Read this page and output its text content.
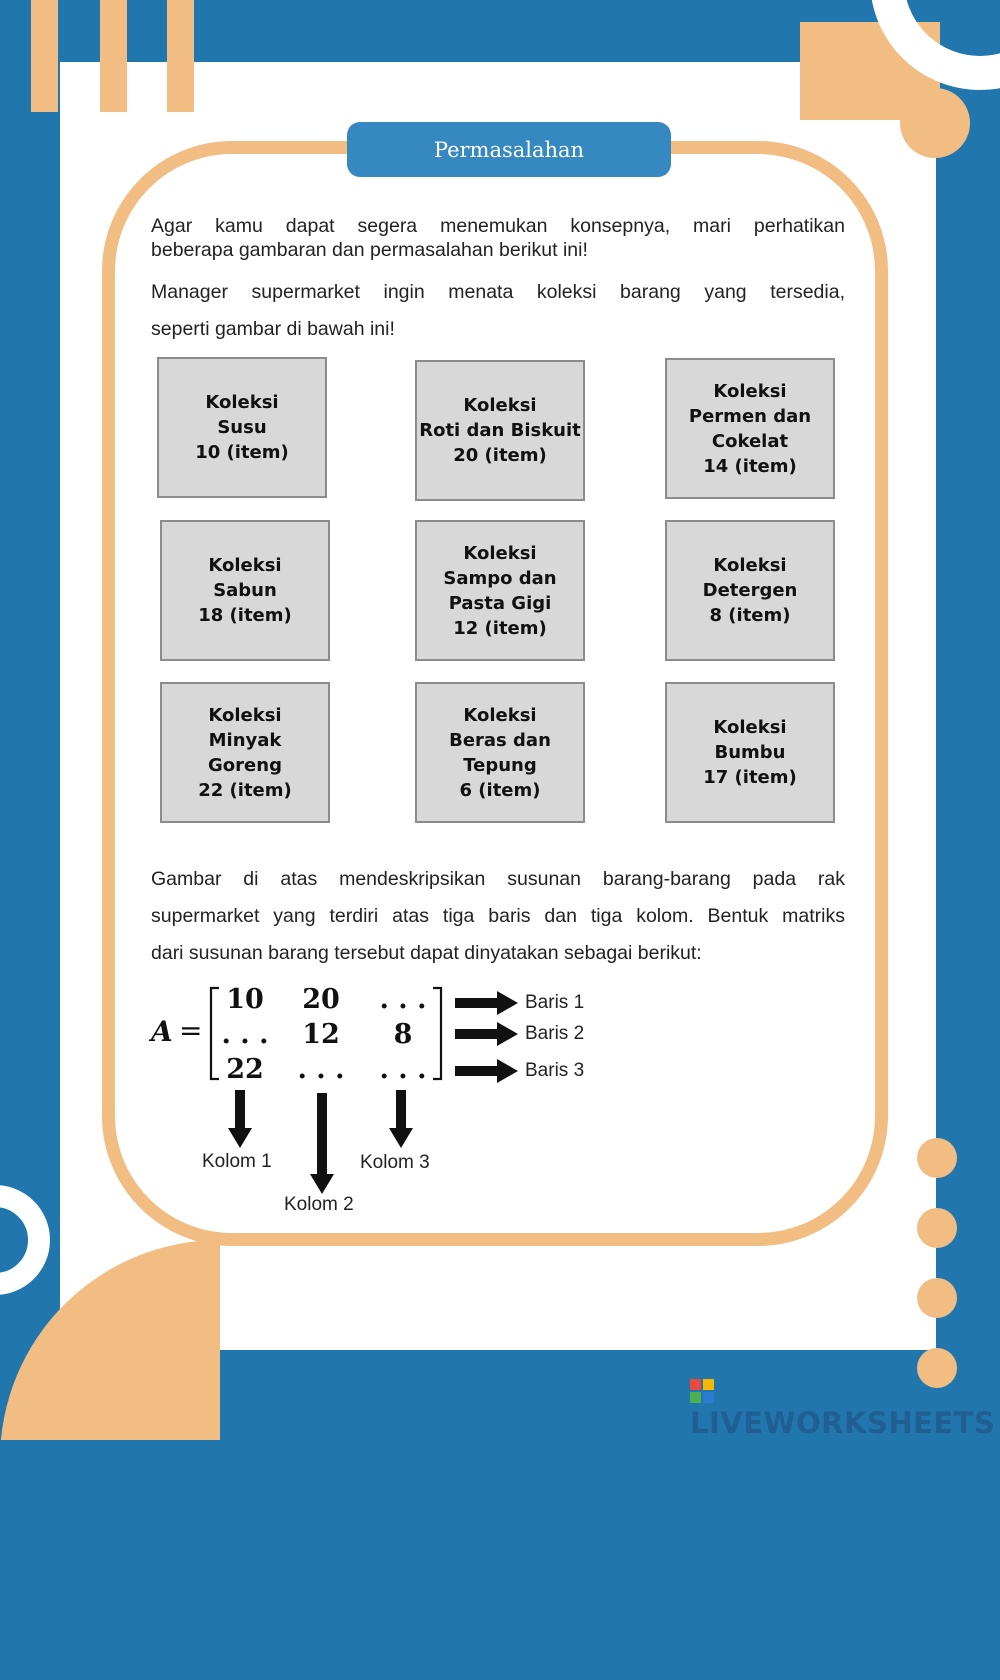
Permasalahan
Agar kamu dapat segera menemukan konsepnya, mari perhatikan
beberapa gambaran dan permasalahan berikut ini!
Manager supermarket ingin menata koleksi barang yang tersedia,
seperti gambar di bawah ini!
Koleksi
Susu
10 (item)
Koleksi
Roti dan Biskuit
20 (item)
Koleksi
Permen dan
Cokelat
14 (item)
Koleksi
Sabun
18 (item)
Koleksi
Sampo dan
Pasta Gigi
12 (item)
Koleksi
Detergen
8 (item)
Koleksi
Minyak
Goreng
22 (item)
Koleksi
Beras dan
Tepung
6 (item)
Koleksi
Bumbu
17 (item)
Gambar di atas mendeskripsikan susunan barang-barang pada rak
supermarket yang terdiri atas tiga baris dan tiga kolom. Bentuk matriks
dari susunan barang tersebut dapat dinyatakan sebagai berikut:
A =
10	20	. . .
. . .	12	8
22	. . .	. . .
Baris 1
Baris 2
Baris 3
Kolom 1
Kolom 2
Kolom 3
LIVEWORKSHEETS
